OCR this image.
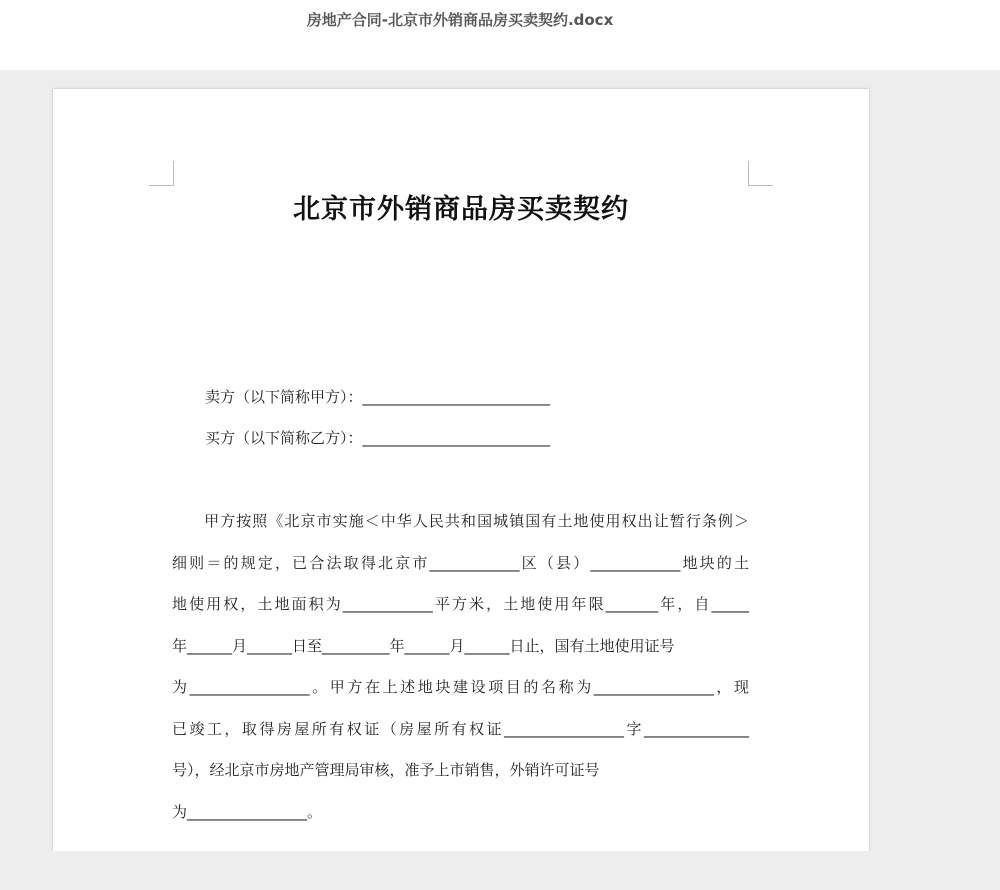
房地产合同-北京市外销商品房买卖契约.docx
北京市外销商品房买卖契约
卖方（以下简称甲方）：_________________________
买方（以下简称乙方）：_________________________
　　甲方按照《北京市实施＜中华人民共和国城镇国有土地使用权出让暂行条例＞
细则＝的规定，已合法取得北京市____________区（县）____________地块的土
地使用权，土地面积为____________平方米，土地使用年限_______年，自_____
年______月______日至_________年______月______日止，国有土地使用证号
为________________。甲方在上述地块建设项目的名称为________________，现
已竣工，取得房屋所有权证（房屋所有权证________________字______________
号），经北京市房地产管理局审核，准予上市销售，外销许可证号
为________________。
